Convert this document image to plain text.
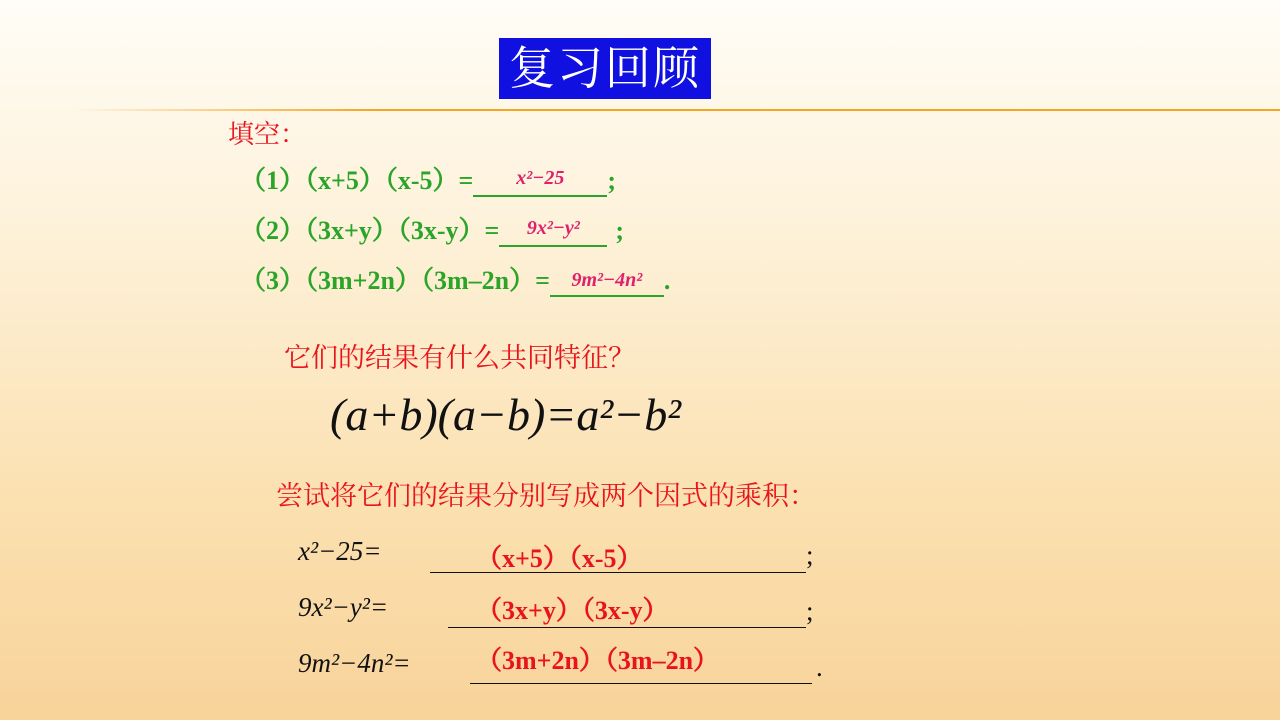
复习回顾
填空：
（1）（x+5）（x-5）= $^{x^2-25}$ ;
（2）（3x+y）（3x-y）= $^{9x^2-y^2}$ ;
（3）（3m+2n）（3m–2n）= 9m²−4n² .
它们的结果有什么共同特征？
(a+b)(a−b)=a²−b²
尝试将它们的结果分别写成两个因式的乘积：
x²−25=	（x+5）（x-5）	;
9x²−y²=	（3x+y）（3x-y）	;
9m²−4n²=	（3m+2n）（3m–2n）	.
